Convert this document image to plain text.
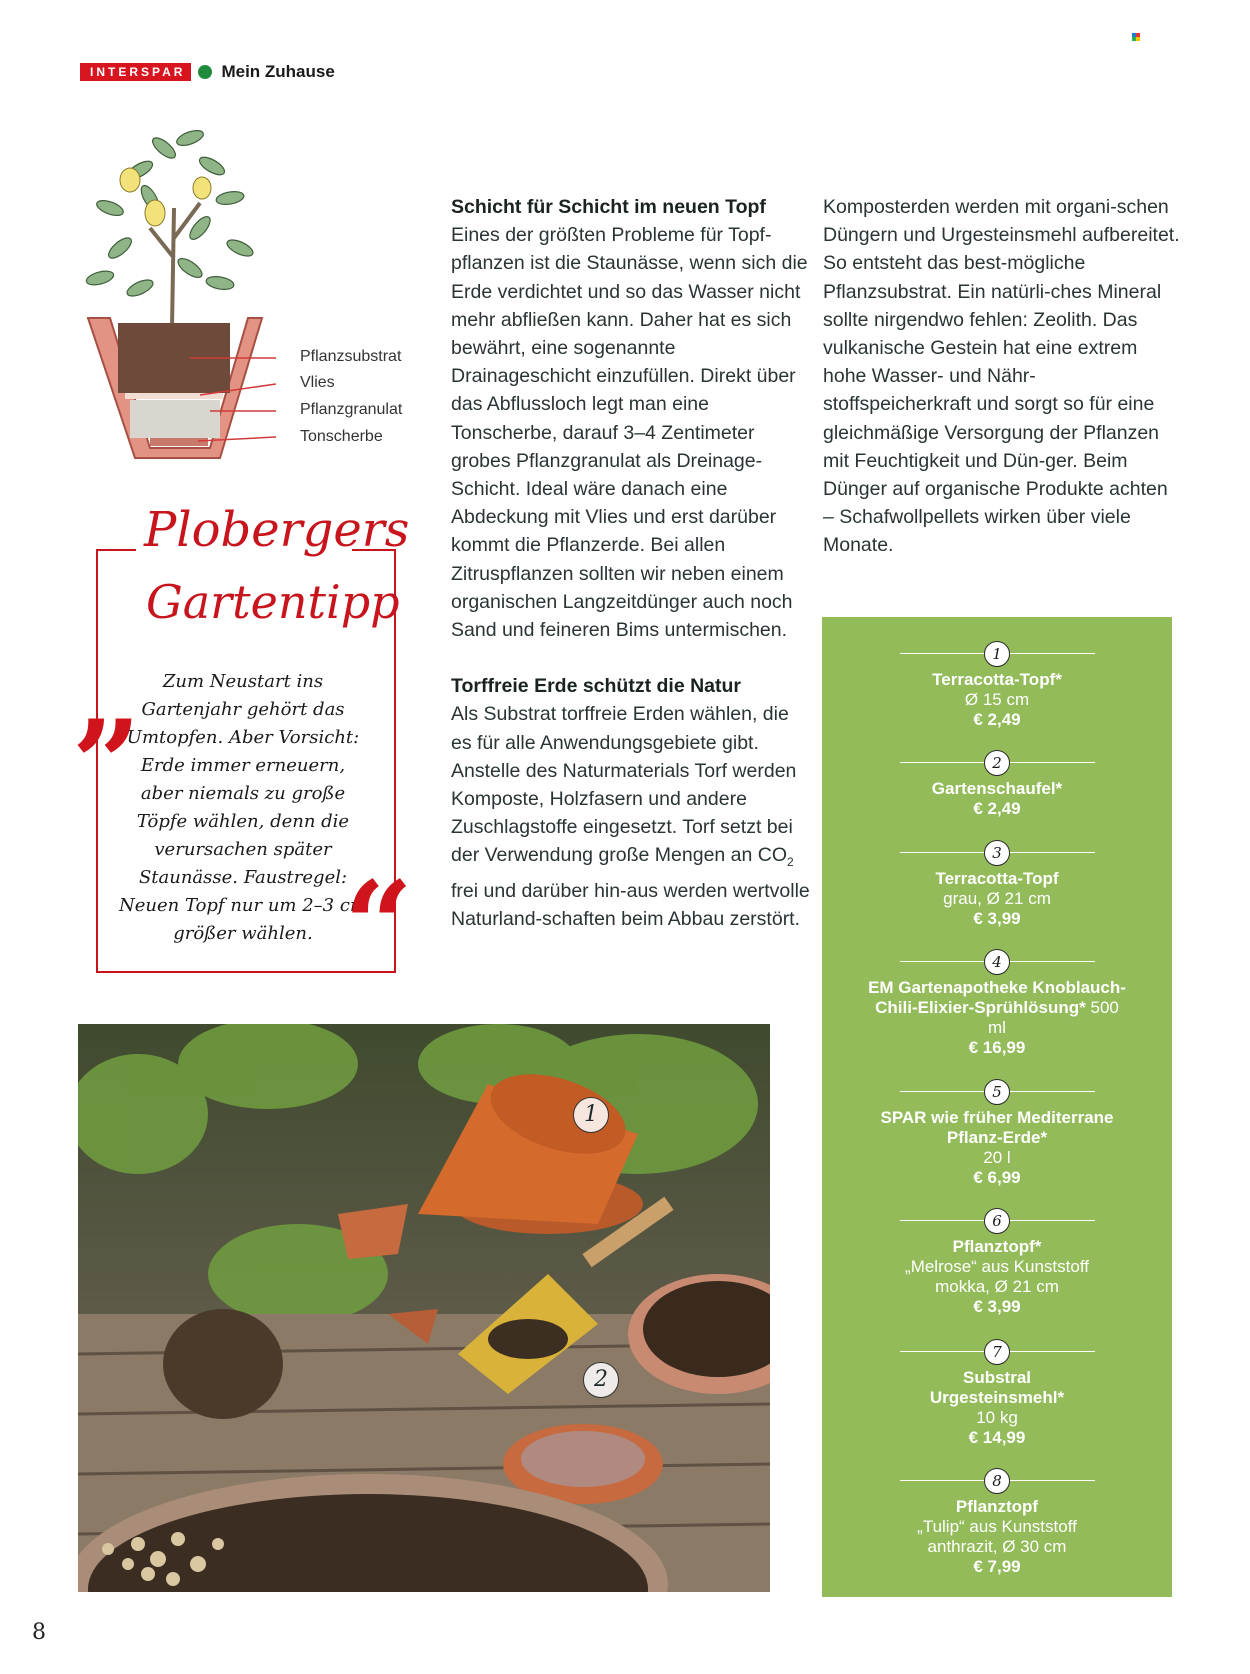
INTERSPAR	Mein Zuhause
Pflanzsubstrat
Vlies
Pflanzgranulat
Tonscherbe
Plobergers
Gartentipp
„	Zum Neustart ins Gartenjahr gehört das Umtopfen. Aber Vorsicht: Erde immer erneuern, aber niemals zu große Töpfe wählen, denn die verursachen später Staunässe. Faustregel: Neuen Topf nur um 2–3 cm größer wählen. “
Schicht für Schicht im neuen Topf

Eines der größten Probleme für Topf-pflanzen ist die Staunässe, wenn sich die Erde verdichtet und so das Wasser nicht mehr abfließen kann. Daher hat es sich bewährt, eine sogenannte Drainageschicht einzufüllen. Direkt über das Abflussloch legt man eine Tonscherbe, darauf 3–4 Zentimeter grobes Pflanzgranulat als Dreinage-Schicht. Ideal wäre danach eine Abdeckung mit Vlies und erst darüber kommt die Pflanzerde. Bei allen Zitruspflanzen sollten wir neben einem organischen Langzeitdünger auch noch Sand und feineren Bims untermischen.

Torffreie Erde schützt die Natur

Als Substrat torffreie Erden wählen, die es für alle Anwendungsgebiete gibt. Anstelle des Naturmaterials Torf werden Komposte, Holzfasern und andere Zuschlagstoffe eingesetzt. Torf setzt bei der Verwendung große Mengen an $CO_2$ frei und darüber hin-aus werden wertvolle Naturland-schaften beim Abbau zerstört.

Komposterden werden mit organi-schen Düngern und Urgesteinsmehl aufbereitet. So entsteht das best-mögliche Pflanzsubstrat. Ein natürli-ches Mineral sollte nirgendwo fehlen: Zeolith. Das vulkanische Gestein hat eine extrem hohe Wasser- und Nähr-stoffspeicherkraft und sorgt so für eine gleichmäßige Versorgung der Pflanzen mit Feuchtigkeit und Dün-ger. Beim Dünger auf organische Produkte achten – Schafwollpellets wirken über viele Monate.

1
Terracotta-Topf*
Ø 15 cm
€ 2,49
2
Gartenschaufel*
€ 2,49
3
Terracotta-Topf
grau, Ø 21 cm
€ 3,99
4
EM Gartenapotheke Knoblauch-Chili-Elixier-Sprühlösung* 500 ml
€ 16,99
5
SPAR wie früher Mediterrane Pflanz-Erde*
20 l
€ 6,99
6
Pflanztopf*
„Melrose“ aus Kunststoff mokka, Ø 21 cm
€ 3,99
7
Substral Urgesteinsmehl*
10 kg
€ 14,99
8
Pflanztopf
„Tulip“ aus Kunststoff anthrazit, Ø 30 cm
€ 7,99
1
2
8
